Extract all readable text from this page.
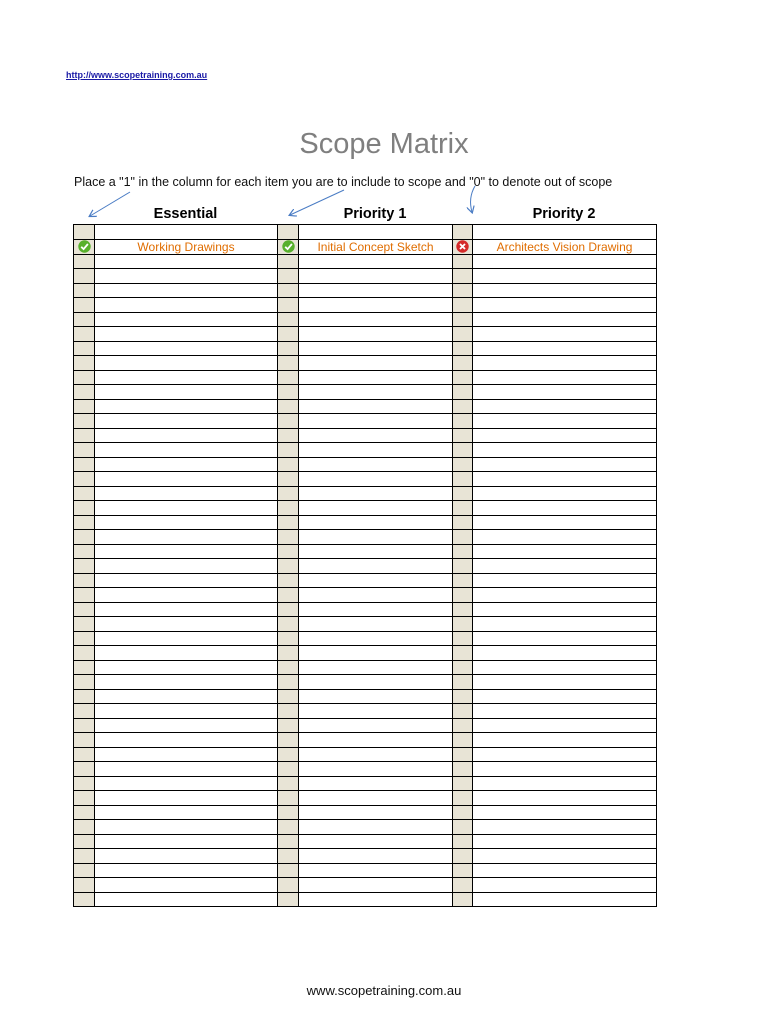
http://www.scopetraining.com.au
Scope Matrix
Place a "1" in the column for each item you are to include to scope and "0" to denote out of scope
Essential	Priority 1	Priority 2

	Working Drawings		Initial Concept Sketch		Architects Vision Drawing

www.scopetraining.com.au
